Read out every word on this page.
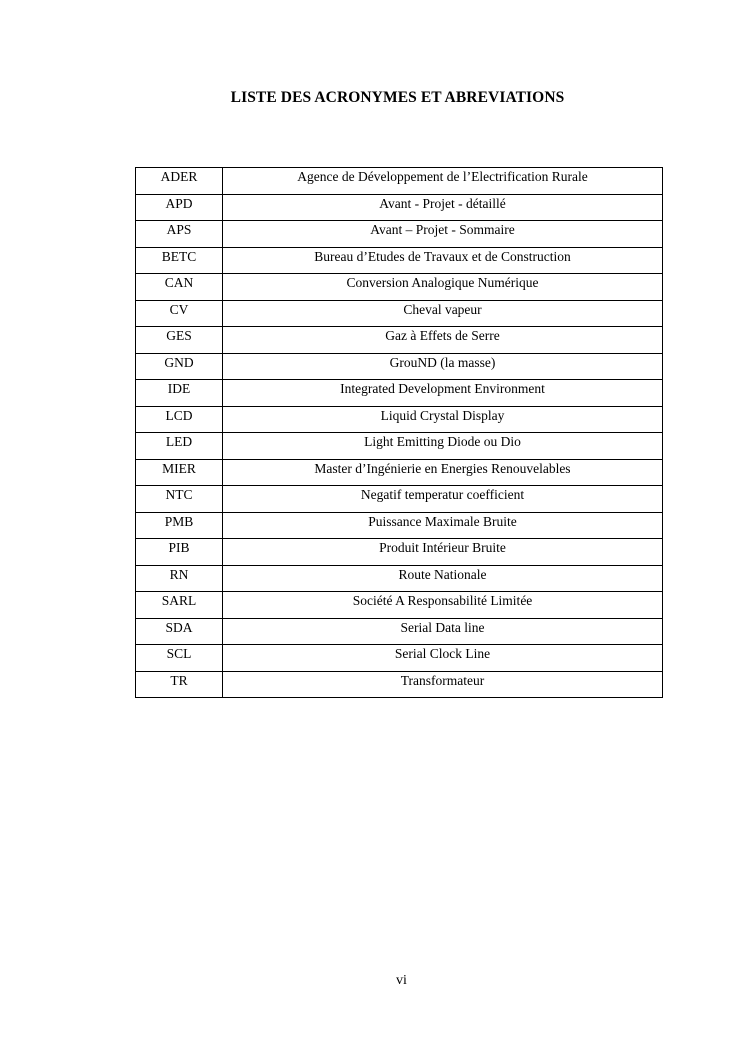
LISTE DES ACRONYMES ET ABREVIATIONS
ADER	Agence de Développement de l’Electrification Rurale
APD	Avant - Projet - détaillé
APS	Avant – Projet - Sommaire
BETC	Bureau d’Etudes de Travaux et de Construction
CAN	Conversion Analogique Numérique
CV	Cheval vapeur
GES	Gaz à Effets de Serre
GND	GrouND (la masse)
IDE	Integrated Development Environment
LCD	Liquid Crystal Display
LED	Light Emitting Diode ou Dio
MIER	Master d’Ingénierie en Energies Renouvelables
NTC	Negatif temperatur coefficient
PMB	Puissance Maximale Bruite
PIB	Produit Intérieur Bruite
RN	Route Nationale
SARL	Société A Responsabilité Limitée
SDA	Serial Data line
SCL	Serial Clock Line
TR	Transformateur
vi
